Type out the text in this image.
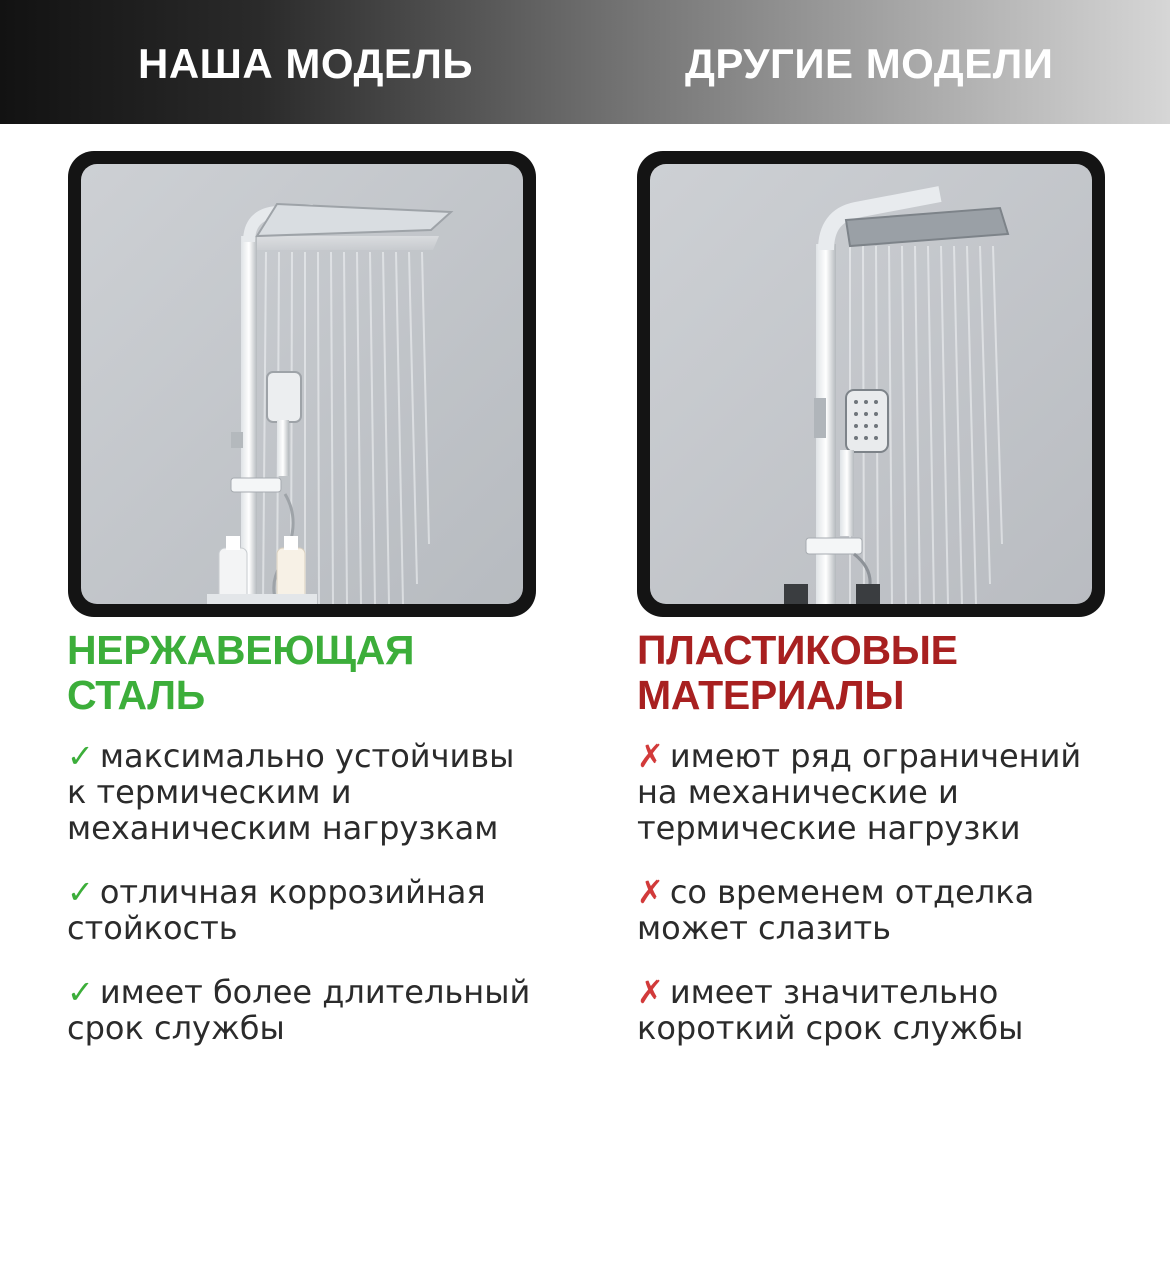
НАША МОДЕЛЬ	ДРУГИЕ МОДЕЛИ
НЕРЖАВЕЮЩАЯ
СТАЛЬ
✓ максимально устойчивы
к термическим и
механическим нагрузкам
✓ отличная коррозийная
стойкость
✓ имеет более длительный
срок службы
ПЛАСТИКОВЫЕ
МАТЕРИАЛЫ
✗ имеют ряд ограничений
на механические и
термические нагрузки
✗ со временем отделка
может слазить
✗ имеет значительно
короткий срок службы
